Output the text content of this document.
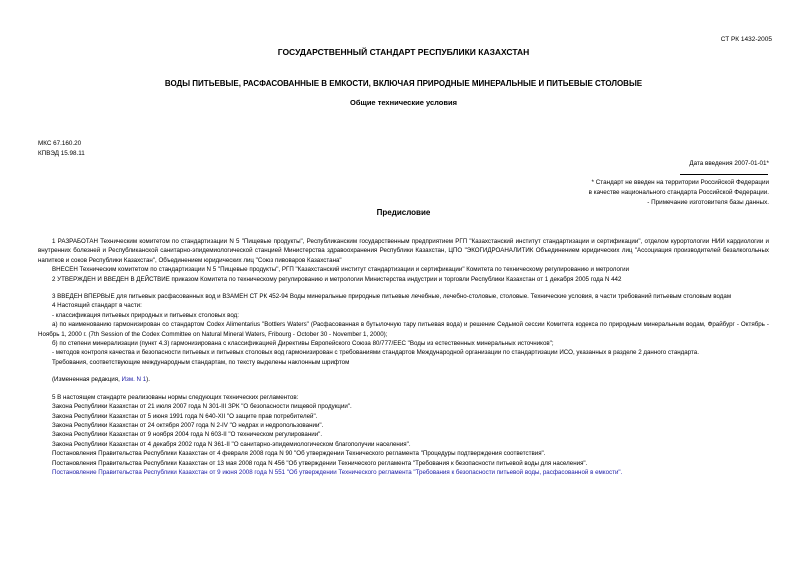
СТ РК 1432-2005
ГОСУДАРСТВЕННЫЙ СТАНДАРТ РЕСПУБЛИКИ КАЗАХСТАН
ВОДЫ ПИТЬЕВЫЕ, РАСФАСОВАННЫЕ В ЕМКОСТИ, ВКЛЮЧАЯ ПРИРОДНЫЕ МИНЕРАЛЬНЫЕ И ПИТЬЕВЫЕ СТОЛОВЫЕ
Общие технические условия
МКС 67.160.20
КПВЭД 15.98.11
Дата введения 2007-01-01*
* Стандарт не введен на территории Российской Федерации
в качестве национального стандарта Российской Федерации.
- Примечание изготовителя базы данных.
Предисловие

1 РАЗРАБОТАН Техническим комитетом по стандартизации N 5 "Пищевые продукты", Республиканским государственным предприятием РГП "Казахстанский институт стандартизации и сертификации", отделом курортологии НИИ кардиологии и внутренних болезней и Республиканской санитарно-эпидемиологической станцией Министерства здравоохранения Республики Казахстан, ЦПО "ЭКОГИДРОАНАЛИТИК Объединением юридических лиц "Ассоциация производителей безалкогольных напитков и соков Республики Казахстан", Объединением юридических лиц "Союз пивоваров Казахстана"

ВНЕСЕН Техническим комитетом по стандартизации N 5 "Пищевые продукты", РГП "Казахстанский институт стандартизации и сертификации" Комитета по техническому регулированию и метрологии

2 УТВЕРЖДЕН И ВВЕДЕН В ДЕЙСТВИЕ приказом Комитета по техническому регулированию и метрологии Министерства индустрии и торговли Республики Казахстан от 1 декабря 2005 года N 442

3 ВВЕДЕН ВПЕРВЫЕ для питьевых расфасованных вод и ВЗАМЕН СТ РК 452-94 Воды минеральные природные питьевые лечебные, лечебно-столовые, столовые. Технические условия, в части требований питьевым столовым водам

4 Настоящий стандарт в части:

- классификация питьевых природных и питьевых столовых вод:

а) по наименованию гармонизирован со стандартом Codex Alimentarius "Bottlers Waters" (Расфасованная в бутылочную тару питьевая вода) и решение Седьмой сессии Комитета кодекса по природным минеральным водам, Фрайбург - Октябрь - Ноябрь 1, 2000 г. (7th Session of the Codex Committee on Natural Mineral Waters, Fribourg - October 30 - November 1, 2000);

б) по степени минерализации (пункт 4.3) гармонизирована с классификацией Директивы Европейского Союза 80/777/ЕЕС "Воды из естественных минеральных источников";

- методов контроля качества и безопасности питьевых и питьевых столовых вод гармонизирован с требованиями стандартов Международной организации по стандартизации ИСО, указанных в разделе 2 данного стандарта.

Требования, соответствующие международным стандартам, по тексту выделены наклонным шрифтом

(Измененная редакция, Изм. N 1).

5 В настоящем стандарте реализованы нормы следующих технических регламентов:

Закона Республики Казахстан от 21 июля 2007 года N 301-III ЗРК "О безопасности пищевой продукции".

Закона Республики Казахстан от 5 июня 1991 года N 640-XII "О защите прав потребителей".

Закона Республики Казахстан от 24 октября 2007 года N 2-IV "О недрах и недропользовании".

Закона Республики Казахстан от 9 ноября 2004 года N 603-II "О техническом регулировании".

Закона Республики Казахстан от 4 декабря 2002 года N 361-II "О санитарно-эпидемиологическом благополучии населения".

Постановления Правительства Республики Казахстан от 4 февраля 2008 года N 90 "Об утверждении Технического регламента "Процедуры подтверждения соответствия".

Постановления Правительства Республики Казахстан от 13 мая 2008 года N 456 "Об утверждении Технического регламента "Требования к безопасности питьевой воды для населения".

Постановление Правительства Республики Казахстан от 9 июня 2008 года N 551 "Об утверждении Технического регламента "Требования к безопасности питьевой воды, расфасованной в емкости".
